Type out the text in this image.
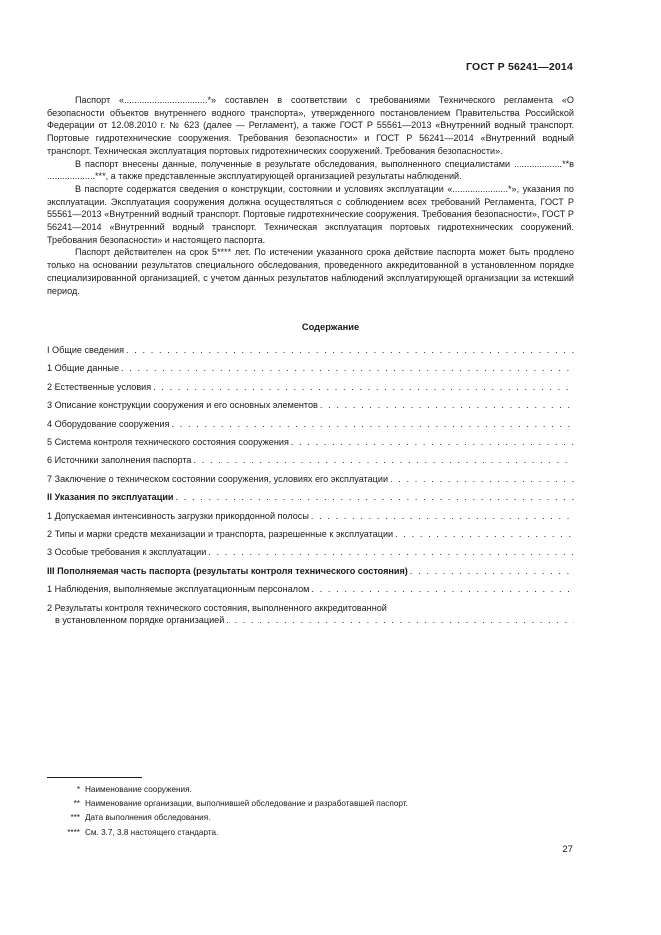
ГОСТ Р 56241—2014

Паспорт «.................................*» составлен в соответствии с требованиями Технического регламента «О безопасности объектов внутреннего водного транспорта», утвержденного постановлением Правительства Российской Федерации от 12.08.2010 г. № 623 (далее — Регламент), а также ГОСТ Р 55561—2013 «Внутренний водный транспорт. Портовые гидротехнические сооружения. Требования безопасности» и ГОСТ Р 56241—2014 «Внутренний водный транспорт. Техническая эксплуатация портовых гидротехнических сооружений. Требования безопасности».

В паспорт внесены данные, полученные в результате обследования, выполненного специалистами ...................**в ...................***, а также представленные эксплуатирующей организацией результаты наблюдений.

В паспорте содержатся сведения о конструкции, состоянии и условиях эксплуатации «......................*», указания по эксплуатации. Эксплуатация сооружения должна осуществляться с соблюдением всех требований Регламента, ГОСТ Р 55561—2013 «Внутренний водный транспорт. Портовые гидротехнические сооружения. Требования безопасности», ГОСТ Р 56241—2014 «Внутренний водный транспорт. Техническая эксплуатация портовых гидротехнических сооружений. Требования безопасности» и настоящего паспорта.

Паспорт действителен на срок 5**** лет. По истечении указанного срока действие паспорта может быть продлено только на основании результатов специального обследования, проведенного аккредитованной в установленном порядке специализированной организацией, с учетом данных результатов наблюдений эксплуатирующей организации за истекший период.

Содержание
I Общие сведения
. . .
1 Общие данные
. . .
2 Естественные условия
. . .
3 Описание конструкции сооружения и его основных элементов
. . .
4 Оборудование сооружения
. . .
5 Система контроля технического состояния сооружения
. . .
6 Источники заполнения паспорта
. . .
7 Заключение о техническом состоянии сооружения, условиях его эксплуатации
. . .
II Указания по эксплуатации
. . .
1 Допускаемая интенсивность загрузки прикордонной полосы
. . .
2 Типы и марки средств механизации и транспорта, разрешенные к эксплуатации
. . .
3 Особые требования к эксплуатации
. . .
III Пополняемая часть паспорта (результаты контроля технического состояния)
. . .
1 Наблюдения, выполняемые эксплуатационным персоналом
. . .
2 Результаты контроля технического состояния, выполненного аккредитованной
в установленном порядке организацией
. . .
* Наименование сооружения.
** Наименование организации, выполнившей обследование и разработавшей паспорт.
*** Дата выполнения обследования.
**** См. 3.7, 3.8 настоящего стандарта.
27
